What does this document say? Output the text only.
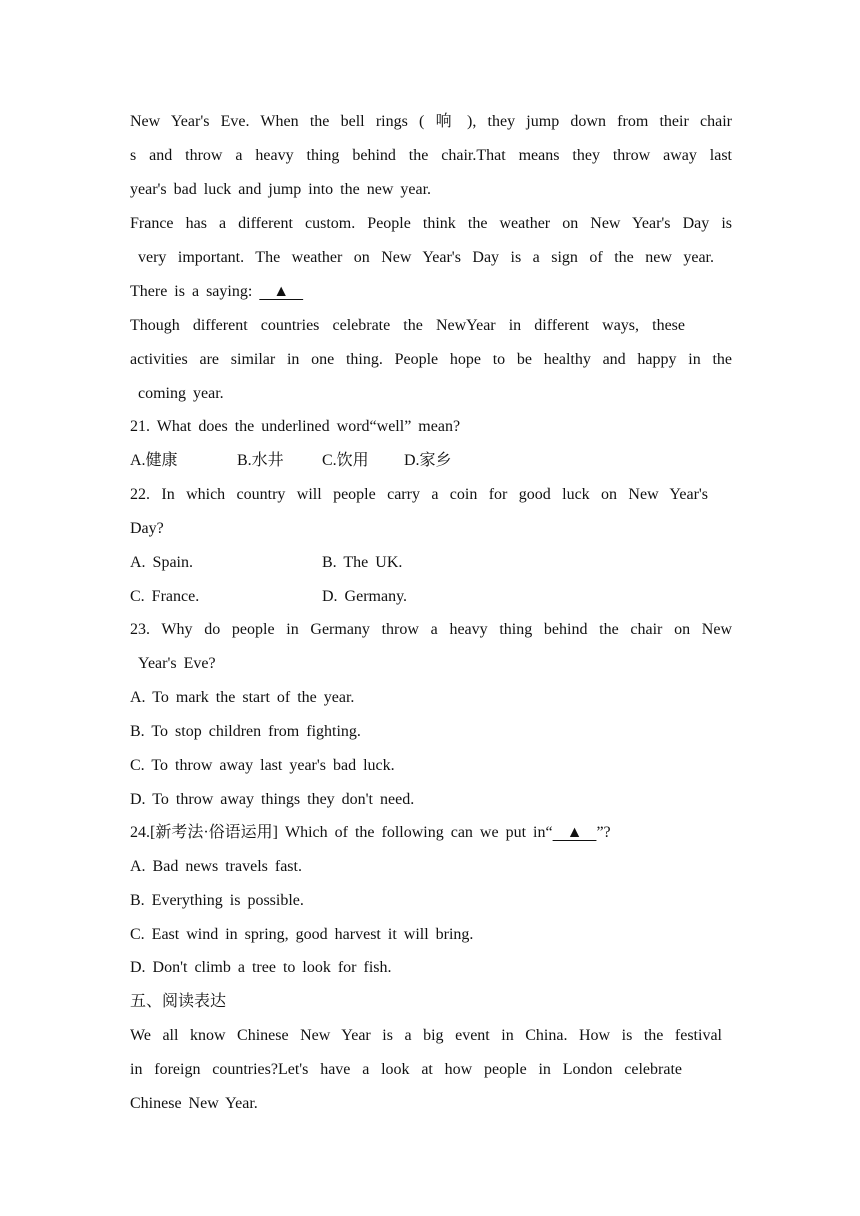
New Year's Eve. When the bell rings ( 响 ), they jump down from their chair
s and throw a heavy thing behind the chair.That means they throw away last
year's bad luck and jump into the new year.
France has a different custom. People think the weather on New Year's Day is
very important. The weather on New Year's Day is a sign of the new year.
There is a saying:   ▲
Though different countries celebrate the NewYear in different ways, these
activities are similar in one thing. People hope to be healthy and happy in the
coming year.
21. What does the underlined word“well” mean?
A.健康	B.水井 C.饮用 D.家乡
22. In which country will people carry a coin for good luck on New Year's
Day?
A. Spain.	B. The UK.
C. France.	D. Germany.
23. Why do people in Germany throw a heavy thing behind the chair on New
Year's Eve?
A. To mark the start of the year.
B. To stop children from fighting.
C. To throw away last year's bad luck.
D. To throw away things they don't need.
24.[新考法·俗语运用] Which of the following can we put in“  ▲  ”?
A. Bad news travels fast.
B. Everything is possible.
C. East wind in spring, good harvest it will bring.
D. Don't climb a tree to look for fish.
五、阅读表达
We all know Chinese New Year is a big event in China. How is the festival
in foreign countries?Let's have a look at how people in London celebrate
Chinese New Year.
